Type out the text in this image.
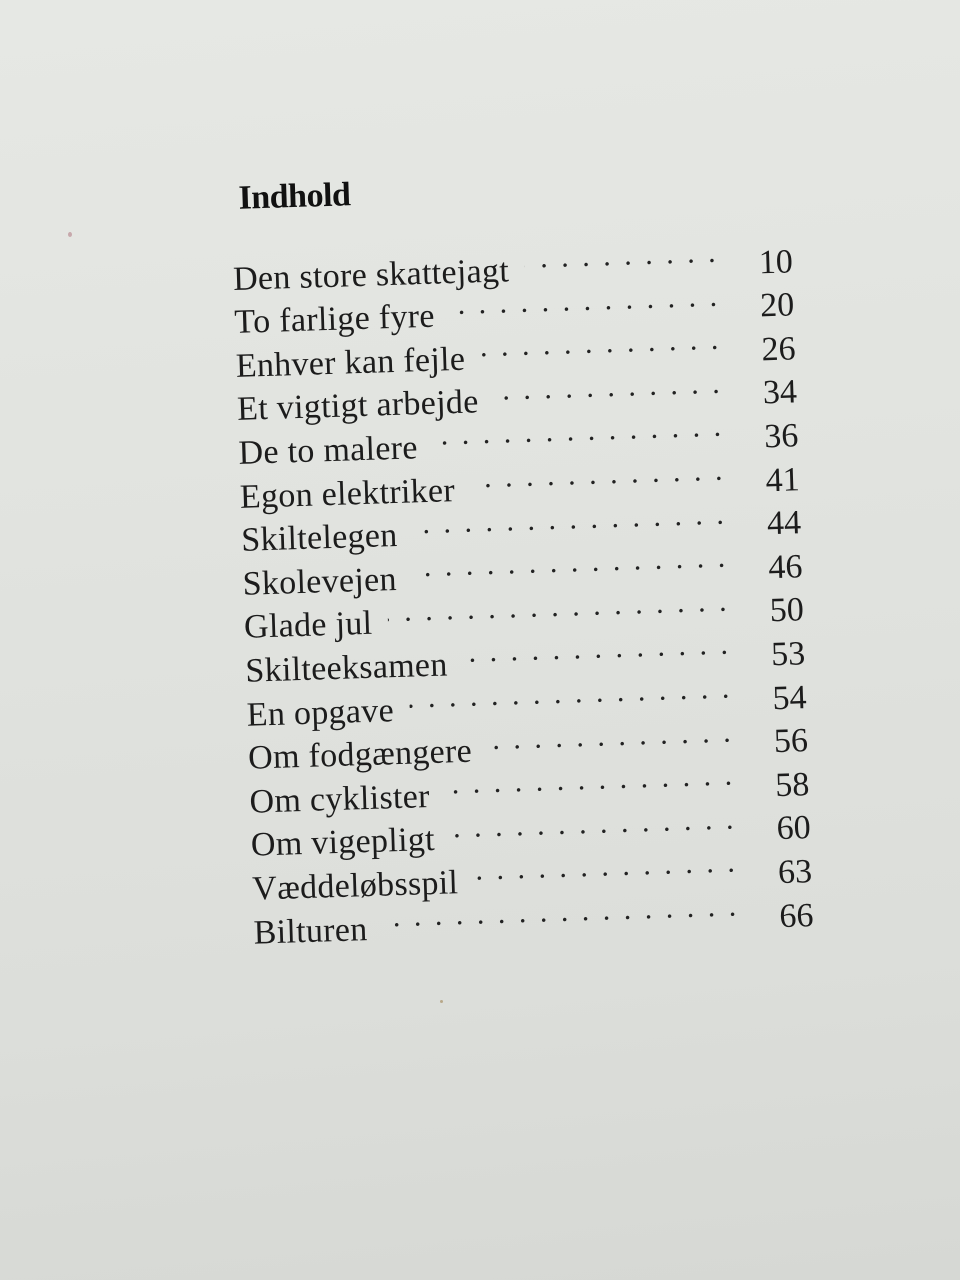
Indhold
Den store skattejagt . . .	10
To farlige fyre . . .	20
Enhver kan fejle . . .	26
Et vigtigt arbejde . . .	34
De to malere . . .	36
Egon elektriker . . .	41
Skiltelegen . . .	44
Skolevejen . . .	46
Glade jul . . .	50
Skilteeksamen . . .	53
En opgave . . .	54
Om fodgængere . . .	56
Om cyklister . . .	58
Om vigepligt . . .	60
Væddeløbsspil . . .	63
Bilturen . . .	66
